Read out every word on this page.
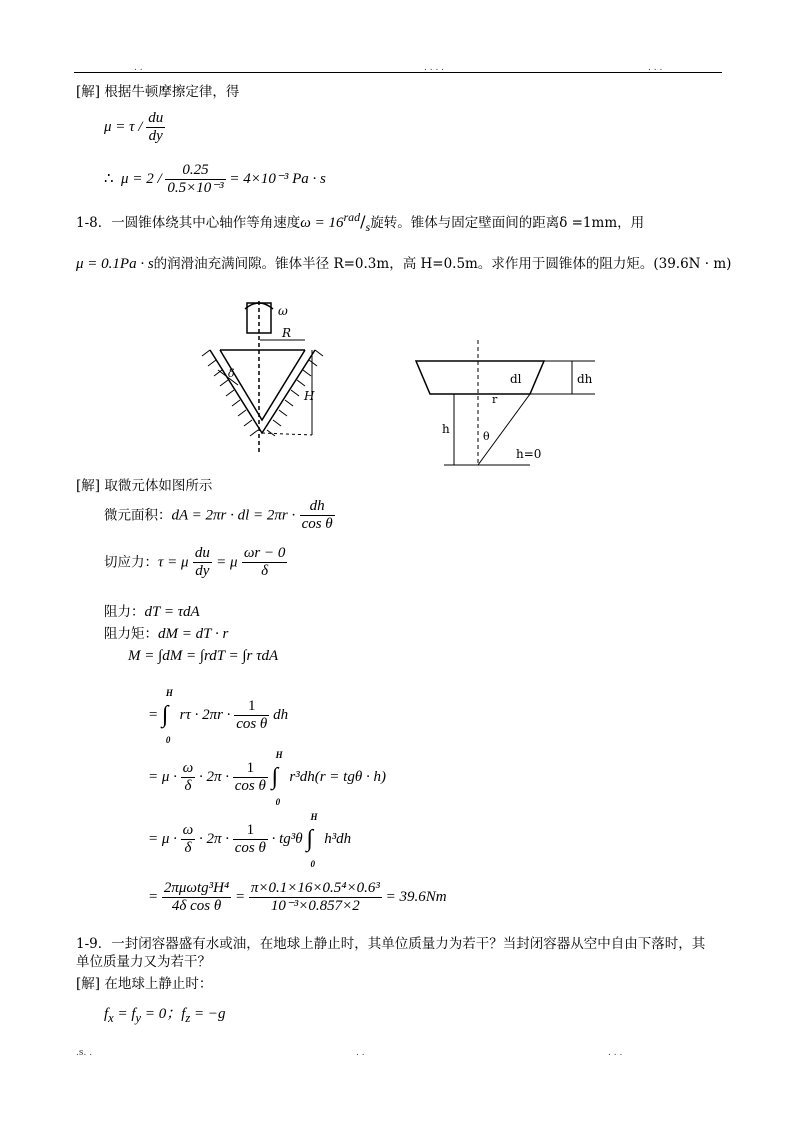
. .	. . . .	. . .
[解] 根据牛顿摩擦定律，得
$\mu = \tau / \frac{du}{dy}$
∴ $\mu = 2 / \frac{0.25}{\text{0.5×10⁻³}} = 4\times 10^{-3}$ Pa · s
1-8．一圆锥体绕其中心轴作等角速度ω = 16rad/s旋转。锥体与固定壁面间的距离δ =1mm，用
μ = 0.1Pa · s的润滑油充满间隙。锥体半径 R=0.3m，高 H=0.5m。求作用于圆锥体的阻力矩。(39.6N · m)
ω
R
H
δ	dl	dh
r
h
θ
h=0
[解] 取微元体如图所示
微元面积：dA = 2πr · dl = $2\pi r \cdot \frac{dh}{\text{cos θ}}$
切应力：τ = μ $\frac{du}{dy} = \mu \frac{\omega r - 0}{\delta}$
阻力：dT = τdA
阻力矩：dM = dT · r
M = ∫dM = ∫rdT = ∫r τdA
= ∫
H
0
$r\tau \cdot 2\pi r \cdot \frac{1}{\text{cos θ}}$ dh
= $\mu \cdot \frac{\omega}{\delta} \cdot 2\pi \cdot \frac{1}{\text{cos θ}}$ ∫
H
0
r³dh(r = tgθ · h)
= $\mu \cdot \frac{\omega}{\delta} \cdot 2\pi \cdot \frac{1}{\text{cos θ}} \cdot tg^3\theta$ ∫
H
0
h³dh
= $\frac{\text{2πμωtg³H⁴}}{\text{4δ cos θ}} = \frac{\text{π×0.1×16×0.5⁴×0.6³}}{\text{10⁻³×0.857×2}} = 39.6Nm$
1-9．一封闭容器盛有水或油，在地球上静止时，其单位质量力为若干？当封闭容器从空中自由下落时，其
单位质量力又为若干？
[解] 在地球上静止时：
$f_x = f_y = 0$；$f_z = -g$
.s. .	. .	. . .
